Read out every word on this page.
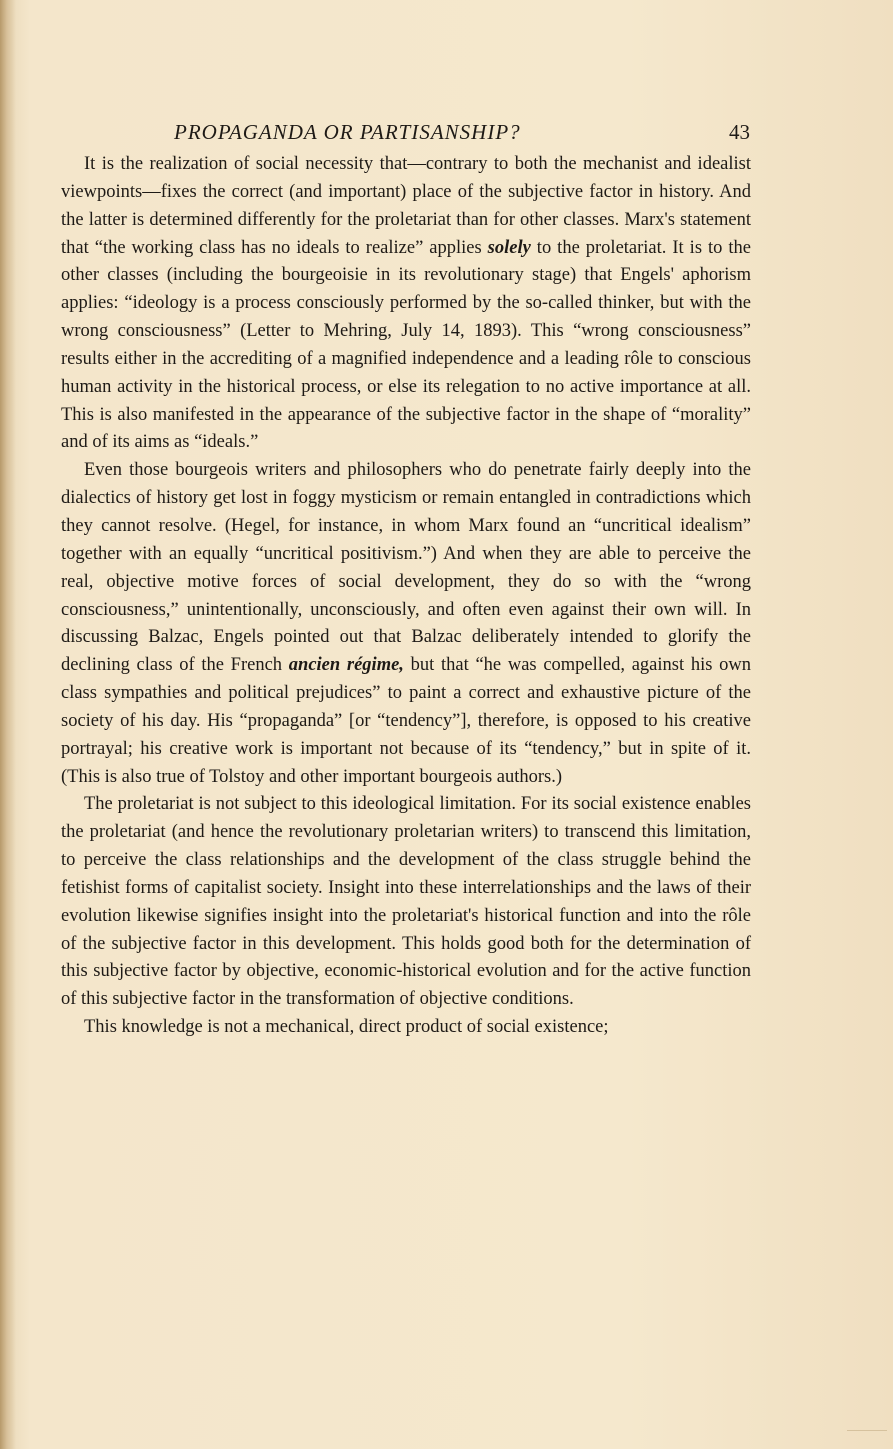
PROPAGANDA OR PARTISANSHIP?	43

It is the realization of social necessity that—contrary to both the mechanist and idealist viewpoints—fixes the correct (and important) place of the subjective factor in history. And the latter is determined differently for the proletariat than for other classes. Marx's statement that “the working class has no ideals to realize” applies solely to the proletariat. It is to the other classes (including the bourgeoisie in its revolutionary stage) that Engels' aphorism applies: “ideology is a process consciously performed by the so-called thinker, but with the wrong consciousness” (Letter to Mehring, July 14, 1893). This “wrong consciousness” results either in the accrediting of a magnified independence and a leading rôle to conscious human activity in the historical process, or else its relegation to no active importance at all. This is also manifested in the appearance of the subjective factor in the shape of “morality” and of its aims as “ideals.”

Even those bourgeois writers and philosophers who do penetrate fairly deeply into the dialectics of history get lost in foggy mysticism or remain entangled in contradictions which they cannot resolve. (Hegel, for instance, in whom Marx found an “uncritical idealism” together with an equally “uncritical positivism.”) And when they are able to perceive the real, objective motive forces of social development, they do so with the “wrong consciousness,” unintentionally, unconsciously, and often even against their own will. In discussing Balzac, Engels pointed out that Balzac deliberately intended to glorify the declining class of the French ancien régime, but that “he was compelled, against his own class sympathies and political prejudices” to paint a correct and exhaustive picture of the society of his day. His “propaganda” [or “tendency”], therefore, is opposed to his creative portrayal; his creative work is important not because of its “tendency,” but in spite of it. (This is also true of Tolstoy and other important bourgeois authors.)

The proletariat is not subject to this ideological limitation. For its social existence enables the proletariat (and hence the revolutionary proletarian writers) to transcend this limitation, to perceive the class relationships and the development of the class struggle behind the fetishist forms of capitalist society. Insight into these interrelationships and the laws of their evolution likewise signifies insight into the proletariat's historical function and into the rôle of the subjective factor in this development. This holds good both for the determination of this subjective factor by objective, economic-historical evolution and for the active function of this subjective factor in the transformation of objective conditions.

This knowledge is not a mechanical, direct product of social existence;
